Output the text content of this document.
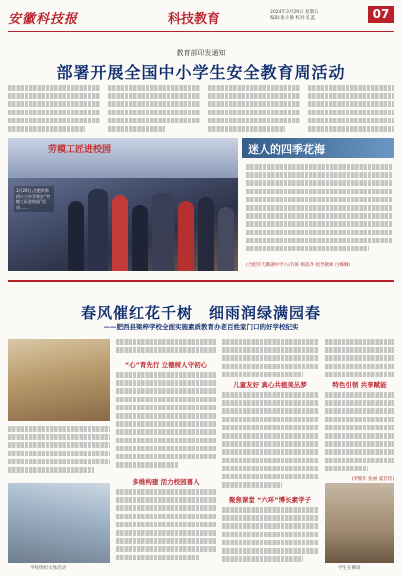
安徽科技报	科技教育	2024年3月29日 星期五
编辑:张小静 校对:孔蓝	07
教育部印发通知
部署开展全国中小学生安全教育周活动
劳模工匠进校园
3月26日,合肥市第四十六中学举办“劳模工匠进校园”活动……
迷人的四季花海
(合肥市天鹅湖中学八(7)班 杨思齐 指导教师 白娜娜)
春风催红花千树　细雨润绿满园春
——肥西县梁梓学校全面实施素质教育办老百姓家门口的好学校纪实
学校组织文体活动
“心”育先行 立德树人守初心
多维构建 活力校园喜人
儿童友好 真心共植美丛梦
聚焦课堂 “六环”博长素学子
特色引领 共享赋能
(罗维年 张丽 夏若钧)
学生在操场
